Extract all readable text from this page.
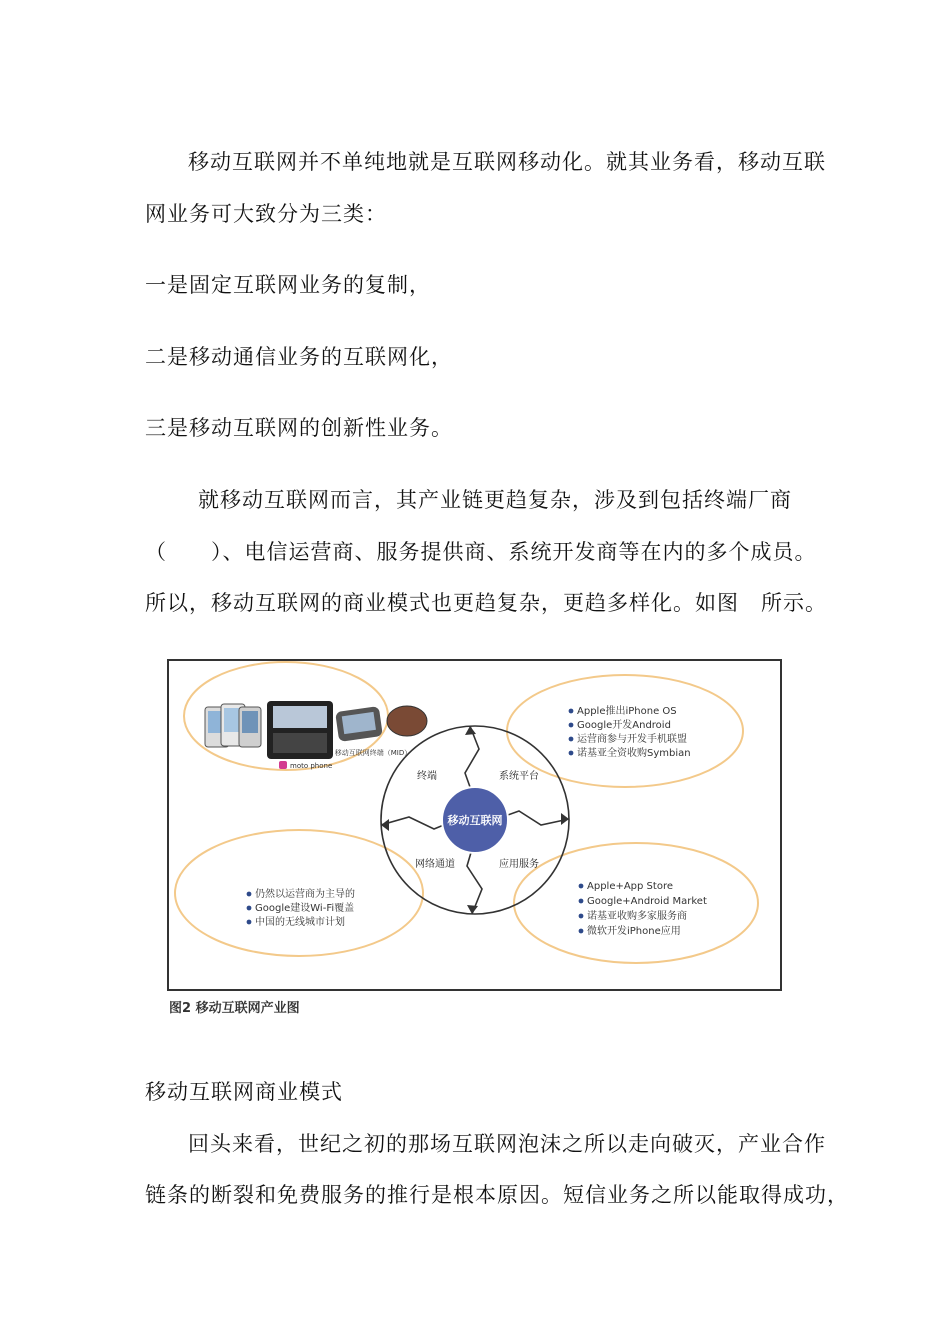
移动互联网并不单纯地就是互联网移动化。就其业务看，移动互联
网业务可大致分为三类：
一是固定互联网业务的复制，
二是移动通信业务的互联网化，
三是移动互联网的创新性业务。
就移动互联网而言，其产业链更趋复杂，涉及到包括终端厂商
（　　）、电信运营商、服务提供商、系统开发商等在内的多个成员。
所以，移动互联网的商业模式也更趋复杂，更趋多样化。如图　所示。
移动互联网
终端	系统平台
网络通道	应用服务
移动互联网终端（MID）
moto phone
Apple推出iPhone OS
Google开发Android
运营商参与开发手机联盟
诺基亚全资收购Symbian
仍然以运营商为主导的
Google建设Wi-Fi覆盖
中国的无线城市计划
Apple+App Store
Google+Android Market
诺基亚收购多家服务商
微软开发iPhone应用
图2 移动互联网产业图
移动互联网商业模式
回头来看，世纪之初的那场互联网泡沫之所以走向破灭，产业合作
链条的断裂和免费服务的推行是根本原因。短信业务之所以能取得成功，
